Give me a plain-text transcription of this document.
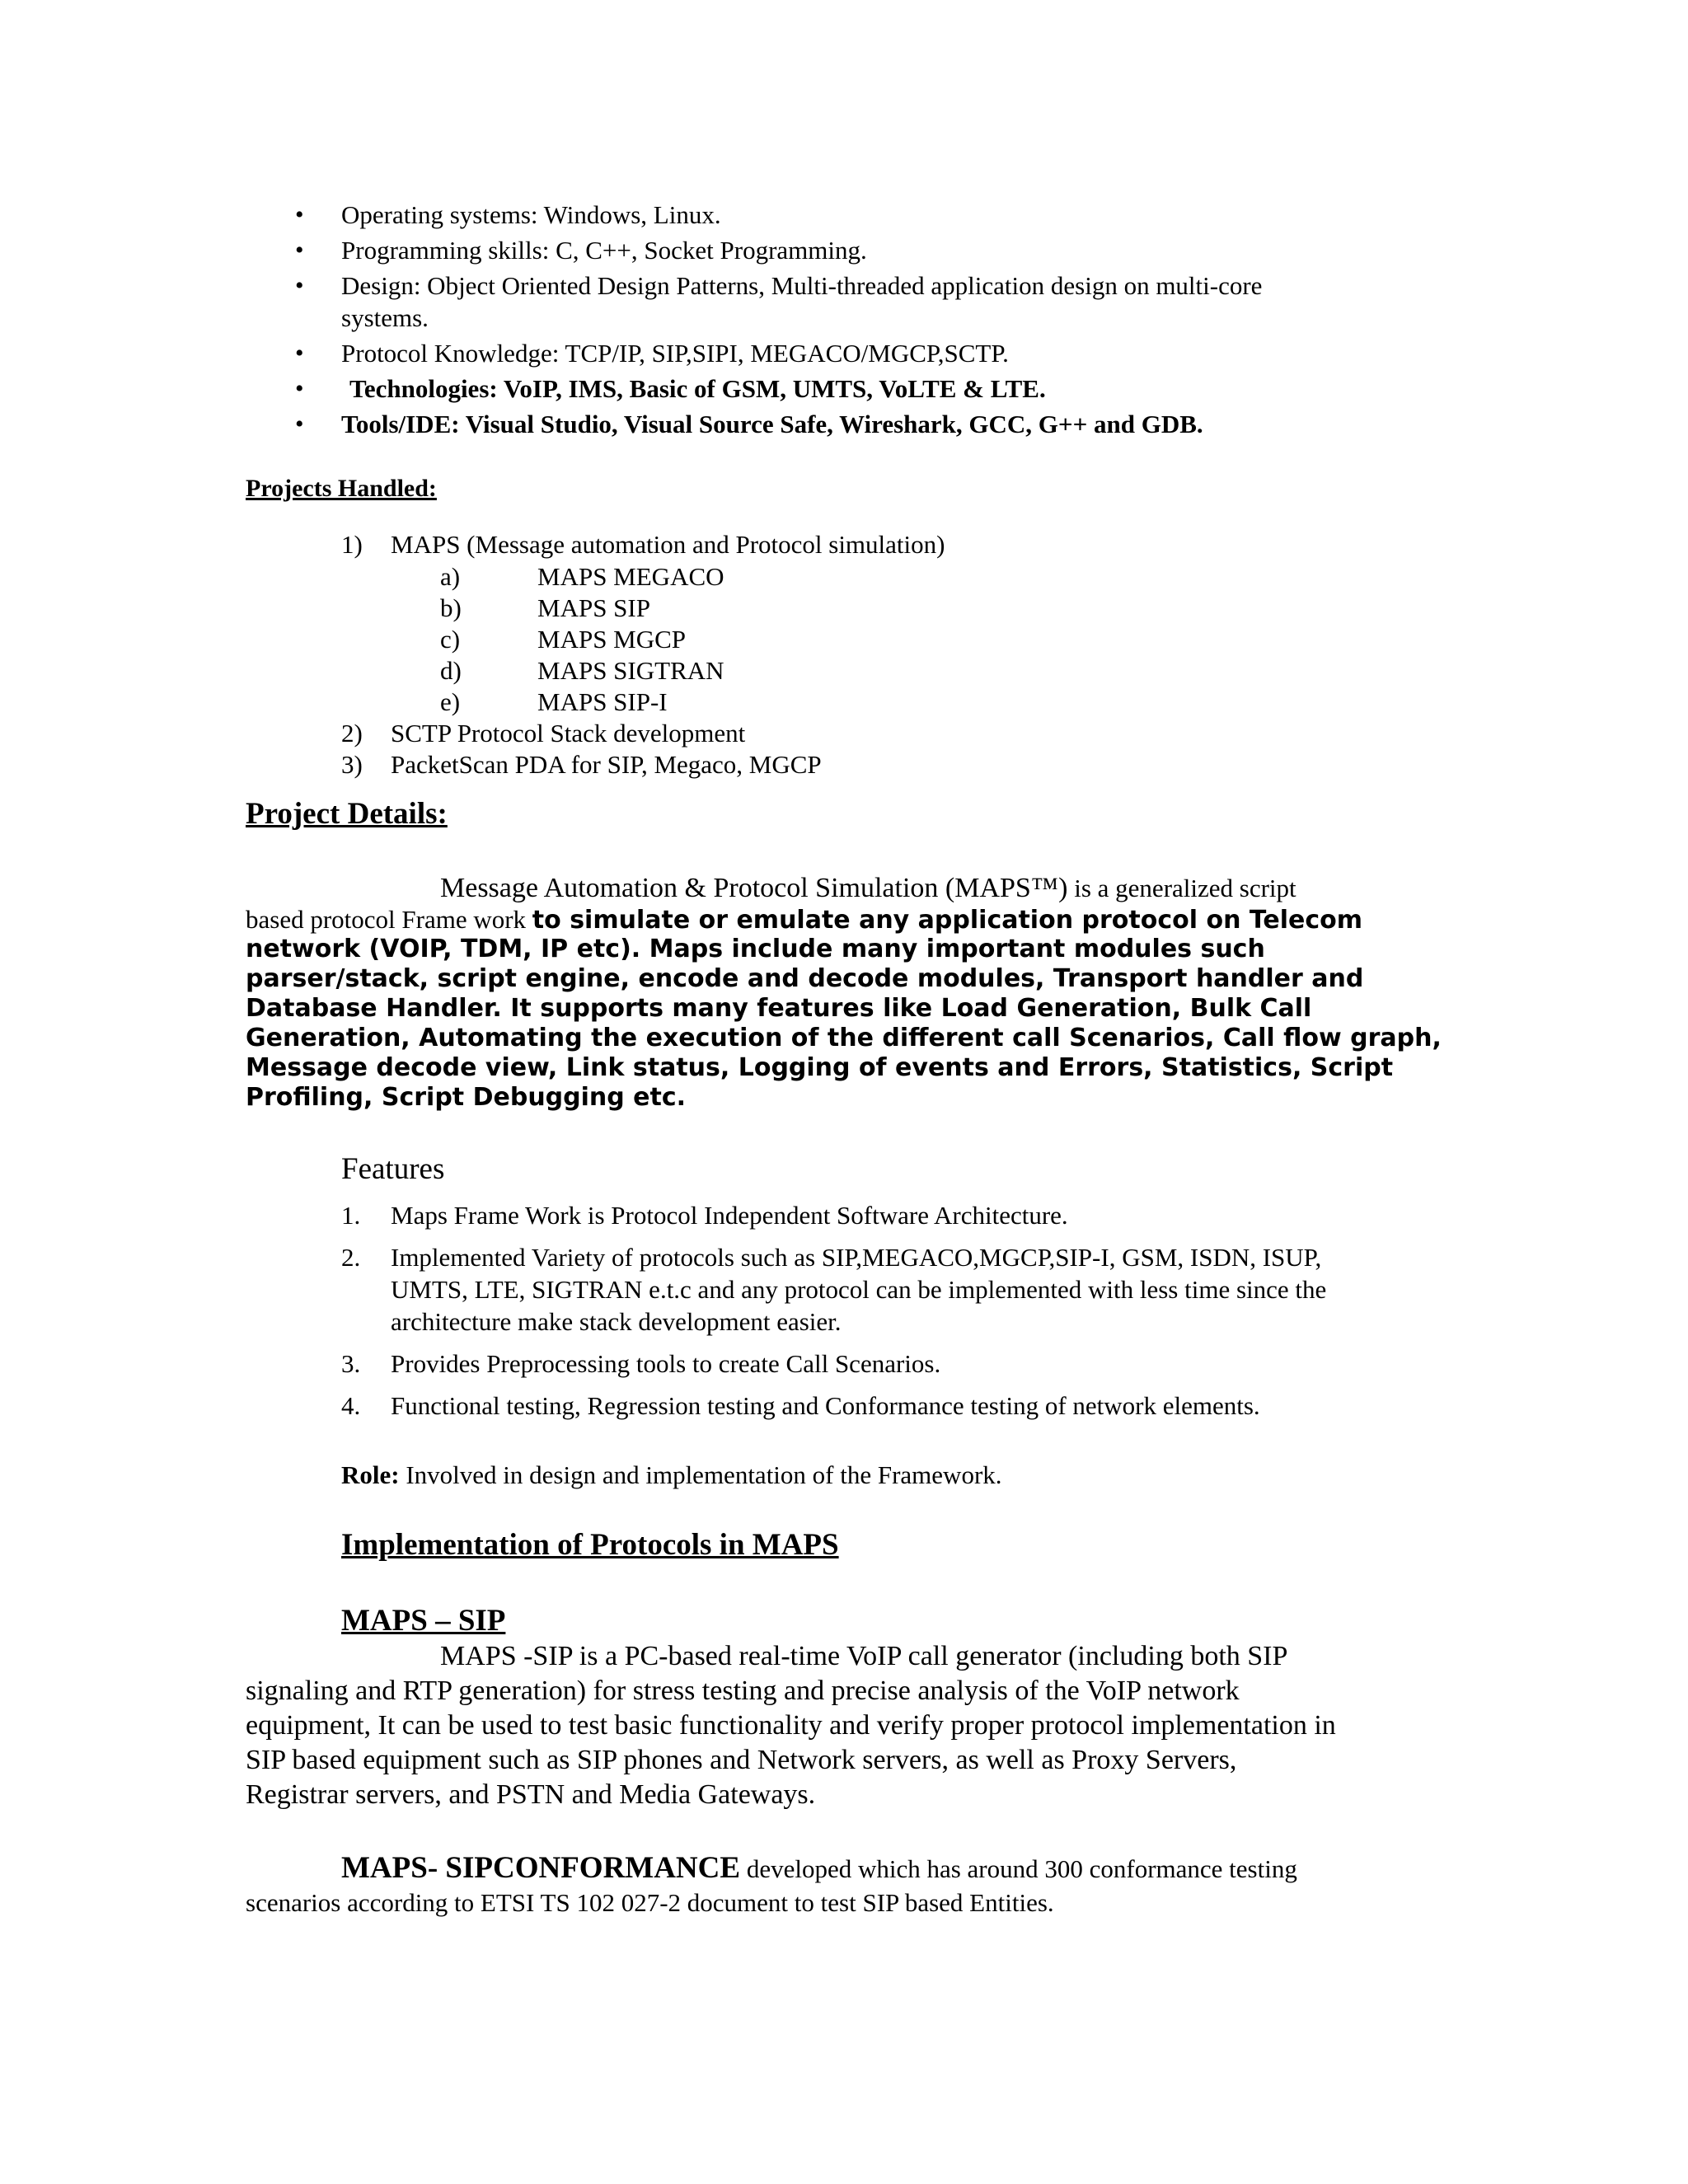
• Operating systems: Windows, Linux.
• Programming skills: C, C++, Socket Programming.
• Design: Object Oriented Design Patterns, Multi-threaded application design on multi-core
systems.
• Protocol Knowledge: TCP/IP, SIP,SIPI, MEGACO/MGCP,SCTP.
• Technologies: VoIP, IMS, Basic of GSM, UMTS, VoLTE & LTE.
• Tools/IDE: Visual Studio, Visual Source Safe, Wireshark, GCC, G++ and GDB.
Projects Handled:
1) MAPS (Message automation and Protocol simulation)
a)	MAPS MEGACO
b)	MAPS SIP
c)	MAPS MGCP
d)	MAPS SIGTRAN
e)	MAPS SIP-I
2) SCTP Protocol Stack development
3) PacketScan PDA for SIP, Megaco, MGCP
Project Details:
Message Automation & Protocol Simulation (MAPS™) is a generalized script
based protocol Frame work to simulate or emulate any application protocol on Telecom
network (VOIP, TDM, IP etc). Maps include many important modules such
parser/stack, script engine, encode and decode modules, Transport handler and
Database Handler. It supports many features like Load Generation, Bulk Call
Generation, Automating the execution of the different call Scenarios, Call flow graph,
Message decode view, Link status, Logging of events and Errors, Statistics, Script
Profiling, Script Debugging etc.
Features
1. Maps Frame Work is Protocol Independent Software Architecture.
2. Implemented Variety of protocols such as SIP,MEGACO,MGCP,SIP-I, GSM, ISDN, ISUP,
UMTS, LTE, SIGTRAN e.t.c and any protocol can be implemented with less time since the
architecture make stack development easier.
3. Provides Preprocessing tools to create Call Scenarios.
4. Functional testing, Regression testing and Conformance testing of network elements.
Role: Involved in design and implementation of the Framework.
Implementation of Protocols in MAPS
MAPS – SIP
MAPS -SIP is a PC-based real-time VoIP call generator (including both SIP
signaling and RTP generation) for stress testing and precise analysis of the VoIP network
equipment, It can be used to test basic functionality and verify proper protocol implementation in
SIP based equipment such as SIP phones and Network servers, as well as Proxy Servers,
Registrar servers, and PSTN and Media Gateways.
MAPS- SIPCONFORMANCE developed which has around 300 conformance testing
scenarios according to ETSI TS 102 027-2 document to test SIP based Entities.
